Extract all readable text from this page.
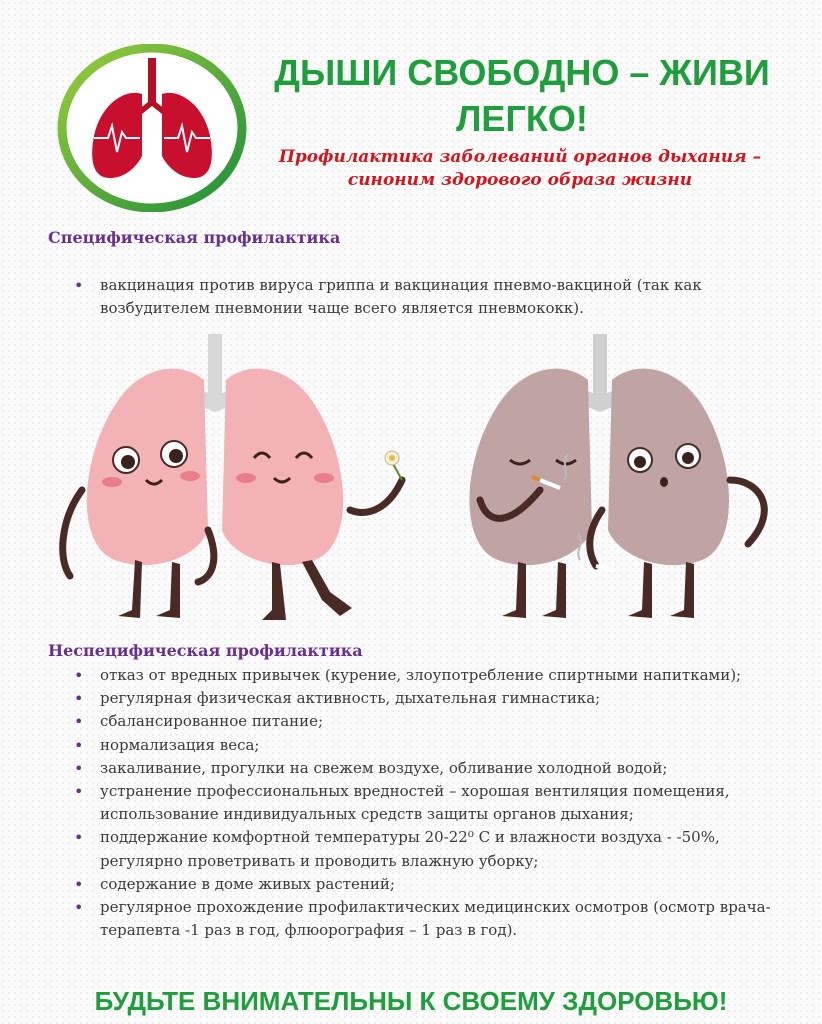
ДЫШИ СВОБОДНО – ЖИВИ ЛЕГКО!

Профилактика заболеваний органов дыхания – синоним здорового образа жизни

Специфическая профилактика
• вакцинация против вируса гриппа и вакцинация пневмо-вакциной (так как возбудителем пневмонии чаще всего является пневмококк).
Неспецифическая профилактика
• отказ от вредных привычек (курение, злоупотребление спиртными напитками);
• регулярная физическая активность, дыхательная гимнастика;
• сбалансированное питание;
• нормализация веса;
• закаливание, прогулки на свежем воздухе, обливание холодной водой;
• устранение профессиональных вредностей – хорошая вентиляция помещения, использование индивидуальных средств защиты органов дыхания;
• поддержание комфортной температуры 20-22⁰ С и влажности воздуха - -50%, регулярно проветривать и проводить влажную уборку;
• содержание в доме живых растений;
• регулярное прохождение профилактических медицинских осмотров (осмотр врача-терапевта -1 раз в год, флюорография – 1 раз в год).

БУДЬТЕ ВНИМАТЕЛЬНЫ К СВОЕМУ ЗДОРОВЬЮ!
